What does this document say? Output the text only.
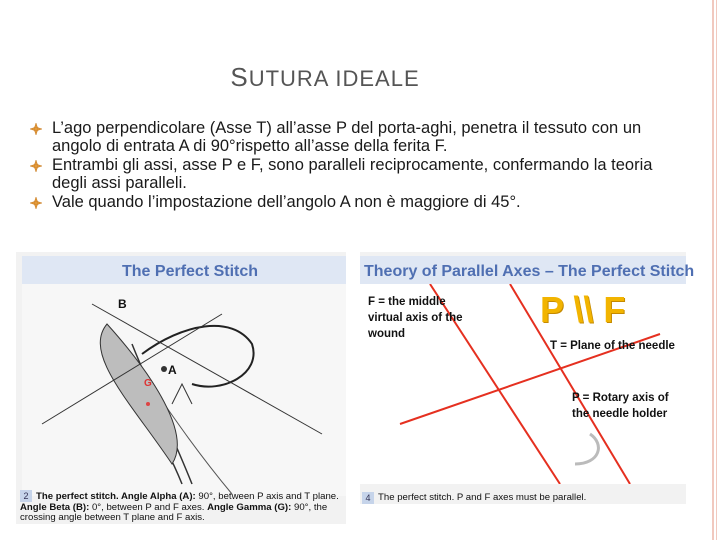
SUTURA IDEALE
L’ago perpendicolare (Asse T) all’asse P del porta-aghi, penetra il tessuto con un angolo di entrata A di 90°rispetto all’asse della ferita F.
Entrambi gli assi, asse P e F, sono paralleli reciprocamente, confermando la teoria degli assi paralleli.
Vale quando l’impostazione dell’angolo A non è maggiore di 45°.
The Perfect Stitch
B
A
G
2 The perfect stitch. Angle Alpha (A): 90°, between P axis and T plane. Angle Beta (B): 0°, between P and F axes. Angle Gamma (G): 90°, the crossing angle between T plane and F axis.
Theory of Parallel Axes – The Perfect Stitch
F = the middle virtual axis of the wound
P \\ F
T = Plane of the needle
P = Rotary axis of the needle holder
4 The perfect stitch. P and F axes must be parallel.
